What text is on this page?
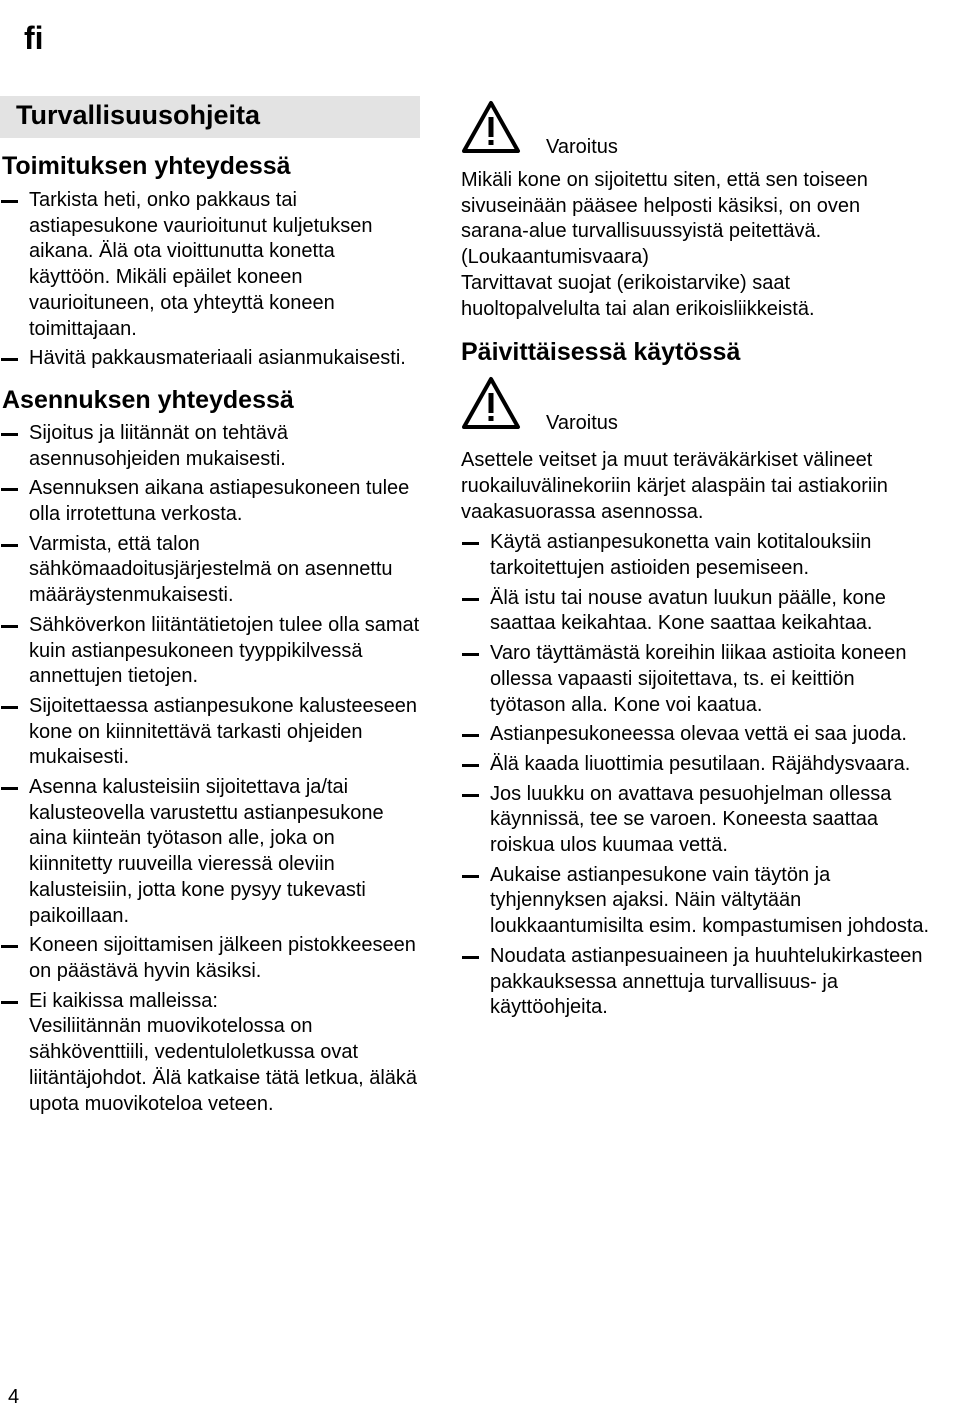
fi
Turvallisuusohjeita
Toimituksen yhteydessä
Tarkista heti, onko pakkaus tai astiapesukone vaurioitunut kuljetuksen aikana. Älä ota vioittunutta konetta käyttöön. Mikäli epäilet koneen vaurioituneen, ota yhteyttä koneen toimittajaan.
Hävitä pakkausmateriaali asianmukaisesti.
Asennuksen yhteydessä
Sijoitus ja liitännät on tehtävä asennusohjeiden mukaisesti.
Asennuksen aikana astiapesukoneen tulee olla irrotettuna verkosta.
Varmista, että talon sähkömaadoitusjärjestelmä on asennettu määräystenmukaisesti.
Sähköverkon liitäntätietojen tulee olla samat kuin astianpesukoneen tyyppikilvessä annettujen tietojen.
Sijoitettaessa astianpesukone kalusteeseen kone on kiinnitettävä tarkasti ohjeiden mukaisesti.
Asenna kalusteisiin sijoitettava ja/tai kalusteovella varustettu astianpesukone aina kiinteän työtason alle, joka on kiinnitetty ruuveilla vieressä oleviin kalusteisiin, jotta kone pysyy tukevasti paikoillaan.
Koneen sijoittamisen jälkeen pistokkeeseen on päästävä hyvin käsiksi.
Ei kaikissa malleissa:
Vesiliitännän muovikotelossa on sähköventtiili, vedentuloletkussa ovat liitäntäjohdot. Älä katkaise tätä letkua, äläkä upota muovikoteloa veteen.
Varoitus

Mikäli kone on sijoitettu siten, että sen toiseen sivuseinään pääsee helposti käsiksi, on oven sarana-alue turvallisuussyistä peitettävä.

(Loukaantumisvaara)

Tarvittavat suojat (erikoistarvike) saat huoltopalvelulta tai alan erikoisliikkeistä.

Päivittäisessä käytössä
Varoitus

Asettele veitset ja muut teräväkärkiset välineet ruokailuvälinekoriin kärjet alaspäin tai astiakoriin vaakasuorassa asennossa.

Käytä astianpesukonetta vain kotitalouksiin tarkoitettujen astioiden pesemiseen.
Älä istu tai nouse avatun luukun päälle, kone saattaa keikahtaa. Kone saattaa keikahtaa.
Varo täyttämästä koreihin liikaa astioita koneen ollessa vapaasti sijoitettava, ts. ei keittiön työtason alla. Kone voi kaatua.
Astianpesukoneessa olevaa vettä ei saa juoda.
Älä kaada liuottimia pesutilaan. Räjähdysvaara.
Jos luukku on avattava pesuohjelman ollessa käynnissä, tee se varoen. Koneesta saattaa roiskua ulos kuumaa vettä.
Aukaise astianpesukone vain täytön ja tyhjennyksen ajaksi. Näin vältytään loukkaantumisilta esim. kompastumisen johdosta.
Noudata astianpesuaineen ja huuhtelukirkasteen pakkauksessa annettuja turvallisuus- ja käyttöohjeita.
4
